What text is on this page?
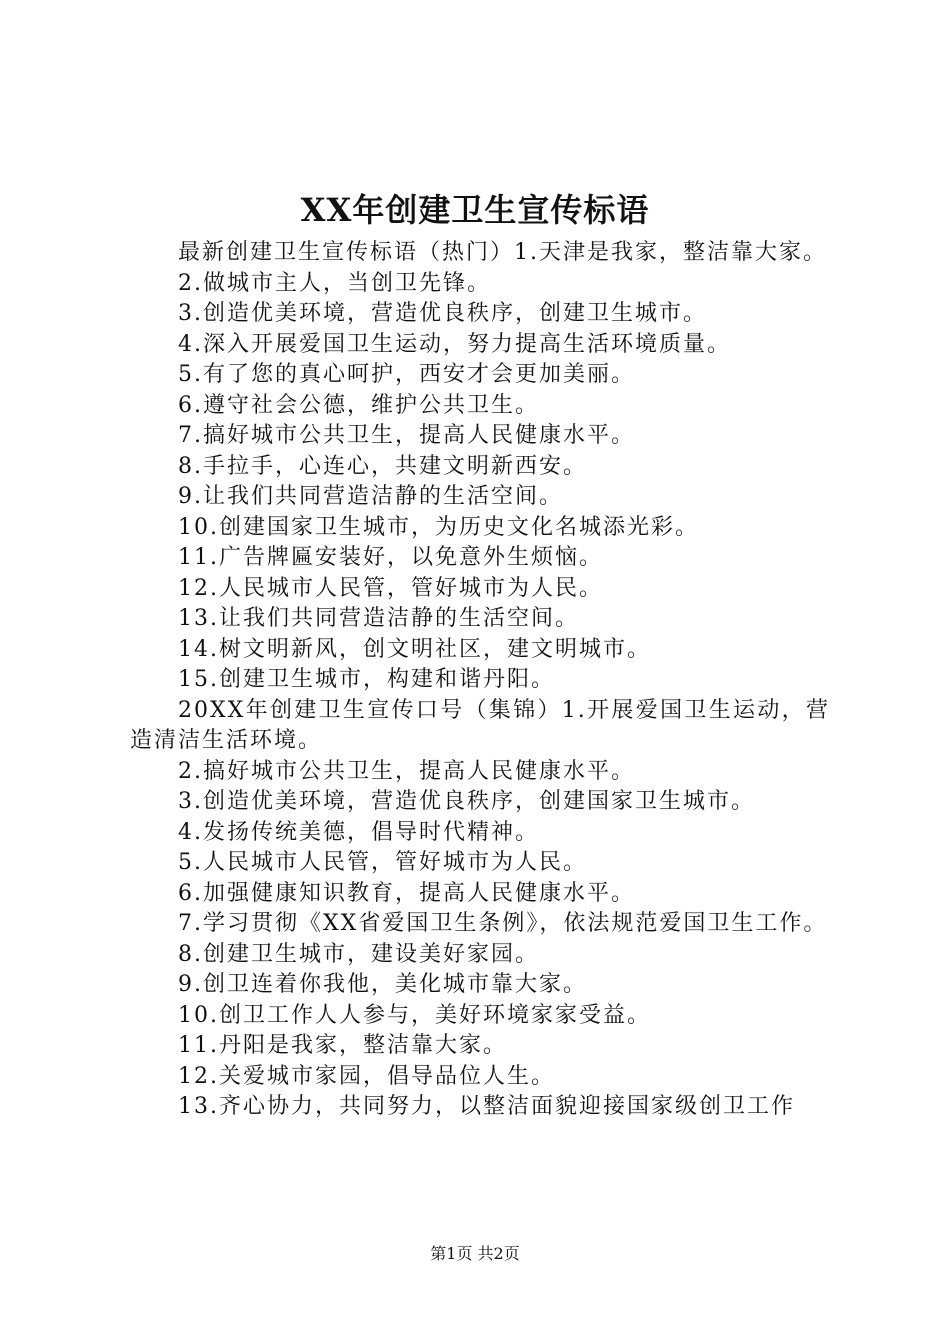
XX年创建卫生宣传标语

最新创建卫生宣传标语（热门）1.天津是我家，整洁靠大家。

2.做城市主人，当创卫先锋。

3.创造优美环境，营造优良秩序，创建卫生城市。

4.深入开展爱国卫生运动，努力提高生活环境质量。

5.有了您的真心呵护，西安才会更加美丽。

6.遵守社会公德，维护公共卫生。

7.搞好城市公共卫生，提高人民健康水平。

8.手拉手，心连心，共建文明新西安。

9.让我们共同营造洁静的生活空间。

10.创建国家卫生城市，为历史文化名城添光彩。

11.广告牌匾安装好，以免意外生烦恼。

12.人民城市人民管，管好城市为人民。

13.让我们共同营造洁静的生活空间。

14.树文明新风，创文明社区，建文明城市。

15.创建卫生城市，构建和谐丹阳。

20XX年创建卫生宣传口号（集锦）1.开展爱国卫生运动，营造清洁生活环境。

2.搞好城市公共卫生，提高人民健康水平。

3.创造优美环境，营造优良秩序，创建国家卫生城市。

4.发扬传统美德，倡导时代精神。

5.人民城市人民管，管好城市为人民。

6.加强健康知识教育，提高人民健康水平。

7.学习贯彻《XX省爱国卫生条例》，依法规范爱国卫生工作。

8.创建卫生城市，建设美好家园。

9.创卫连着你我他，美化城市靠大家。

10.创卫工作人人参与，美好环境家家受益。

11.丹阳是我家，整洁靠大家。

12.关爱城市家园，倡导品位人生。

13.齐心协力，共同努力，以整洁面貌迎接国家级创卫工作

第1页 共2页
